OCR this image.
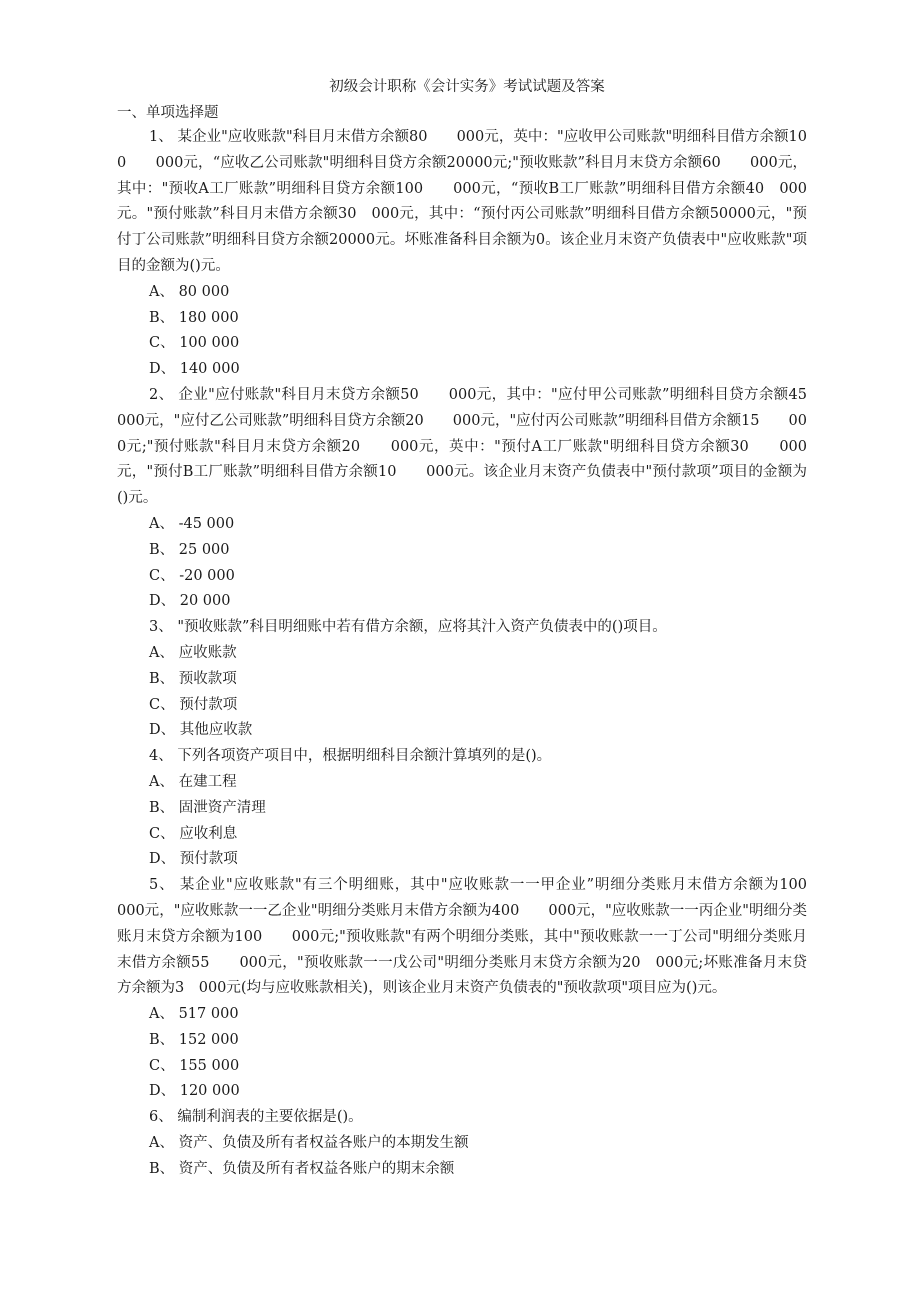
初级会计职称《会计实务》考试试题及答案
一、单项选择题

1、 某企业"应收账款"科目月末借方余额80　　000元，英中："应收甲公司账款"明细科目借方余额100　　000元，“应收乙公司账款"明细科目贷方余额20000元;"预收账款”科目月末贷方余额60　　000元，其中："预收A工厂账款”明细科目贷方余额100　　000元，“预收B工厂账款”明细科目借方余额40　000元。"预付账款”科目月末借方余额30　000元，其中：“预付丙公司账款”明细科目借方余额50000元，"预付丁公司账款”明细科目贷方余额20000元。坏账准备科目余额为0。该企业月末资产负债表中"应收账款"项目的金额为()元。

A、 80 000
B、 180 000
C、 100 000
D、 140 000

2、 企业"应付账款"科目月末贷方余额50　　000元，其中："应付甲公司账款”明细科目贷方余额45　　000元，"应付乙公司账款”明细科目贷方余额20　　000元，"应付丙公司账款”明细科目借方余额15　　000元;"预付账款"科目月末贷方余额20　　000元，英中："预付A工厂账款"明细科目贷方余额30　　000元，"预付B工厂账款”明细科目借方余额10　　000元。该企业月末资产负债表中"预付款项”项目的金额为()元。

A、 -45 000
B、 25 000
C、 -20 000
D、 20 000

3、 "预收账款”科目明细账中若有借方余额，应将其汁入资产负债表中的()项目。

A、 应收账款
B、 预收款项
C、 预付款项
D、 其他应收款

4、 下列各项资产项目中，根据明细科目余额汁算填列的是()。

A、 在建工程
B、 固泄资产清理
C、 应收利息
D、 预付款项

5、 某企业"应收账款"有三个明细账，其中"应收账款一一甲企业”明细分类账月末借方余额为100　　000元，"应收账款一一乙企业"明细分类账月末借方余额为400　　000元，"应收账款一一丙企业"明细分类账月末贷方余额为100　　000元;"预收账款"有两个明细分类账，其中"预收账款一一丁公司"明细分类账月末借方余额55　　000元，"预收账款一一戊公司"明细分类账月末贷方余额为20　000元;坏账准备月末贷方余额为3　000元(均与应收账款相关)，则该企业月末资产负债表的"预收款项"项目应为()元。

A、 517 000
B、 152 000
C、 155 000
D、 120 000

6、 编制利润表的主要依据是()。

A、 资产、负债及所有者权益各账户的本期发生额
B、 资产、负债及所有者权益各账户的期末余额
